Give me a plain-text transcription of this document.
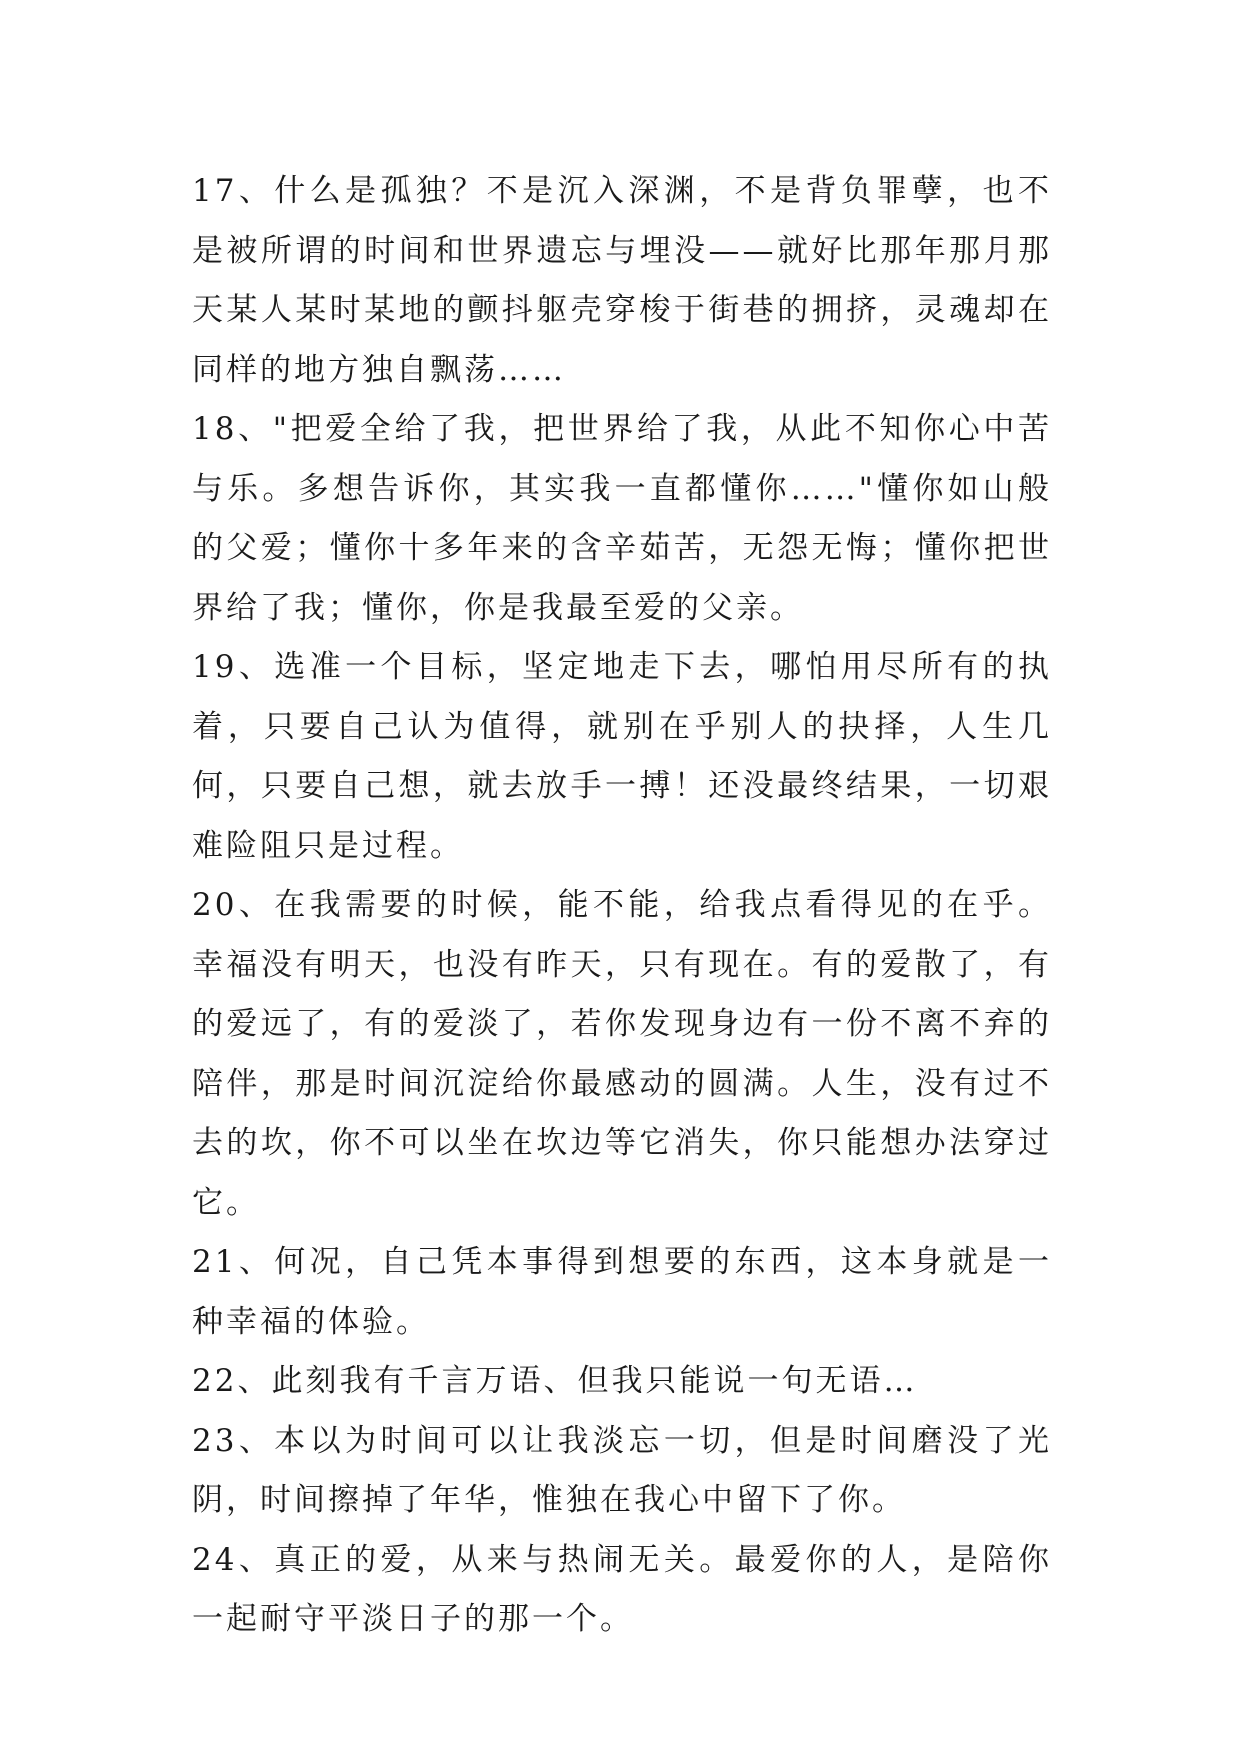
17、什么是孤独？不是沉入深渊，不是背负罪孽，也不是被所谓的时间和世界遗忘与埋没——就好比那年那月那天某人某时某地的颤抖躯壳穿梭于街巷的拥挤，灵魂却在同样的地方独自飘荡……

18、"把爱全给了我，把世界给了我，从此不知你心中苦与乐。多想告诉你，其实我一直都懂你……"懂你如山般的父爱；懂你十多年来的含辛茹苦，无怨无悔；懂你把世界给了我；懂你，你是我最至爱的父亲。

19、选准一个目标，坚定地走下去，哪怕用尽所有的执着，只要自己认为值得，就别在乎别人的抉择，人生几何，只要自己想，就去放手一搏！还没最终结果，一切艰难险阻只是过程。

20、在我需要的时候，能不能，给我点看得见的在乎。幸福没有明天，也没有昨天，只有现在。有的爱散了，有的爱远了，有的爱淡了，若你发现身边有一份不离不弃的陪伴，那是时间沉淀给你最感动的圆满。人生，没有过不去的坎，你不可以坐在坎边等它消失，你只能想办法穿过它。

21、何况，自己凭本事得到想要的东西，这本身就是一种幸福的体验。

22、此刻我有千言万语、但我只能说一句无语…

23、本以为时间可以让我淡忘一切，但是时间磨没了光阴，时间擦掉了年华，惟独在我心中留下了你。

24、真正的爱，从来与热闹无关。最爱你的人，是陪你一起耐守平淡日子的那一个。
